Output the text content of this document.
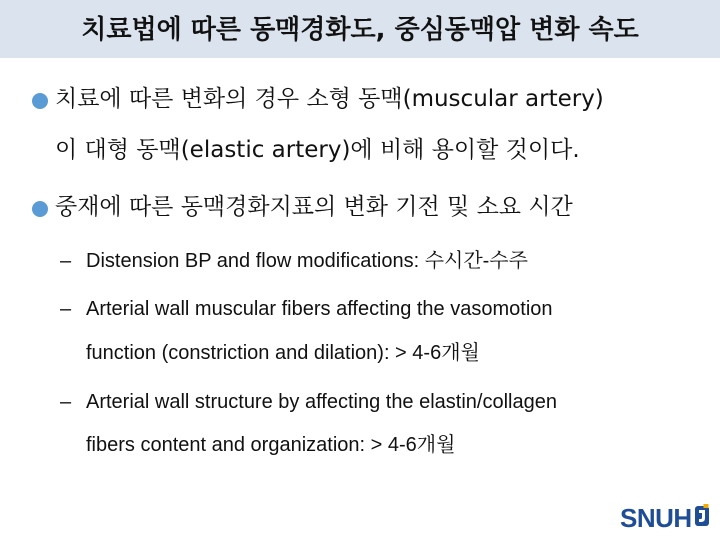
치료법에 따른 동맥경화도, 중심동맥압 변화 속도
치료에 따른 변화의 경우 소형 동맥(muscular artery)
이 대형 동맥(elastic artery)에 비해 용이할 것이다.
중재에 따른 동맥경화지표의 변화 기전 및 소요 시간
– Distension BP and flow modifications: 수시간-수주
– Arterial wall muscular fibers affecting the vasomotion
function (constriction and dilation): > 4-6개월
– Arterial wall structure by affecting the elastin/collagen
fibers content and organization: > 4-6개월
SNUH
